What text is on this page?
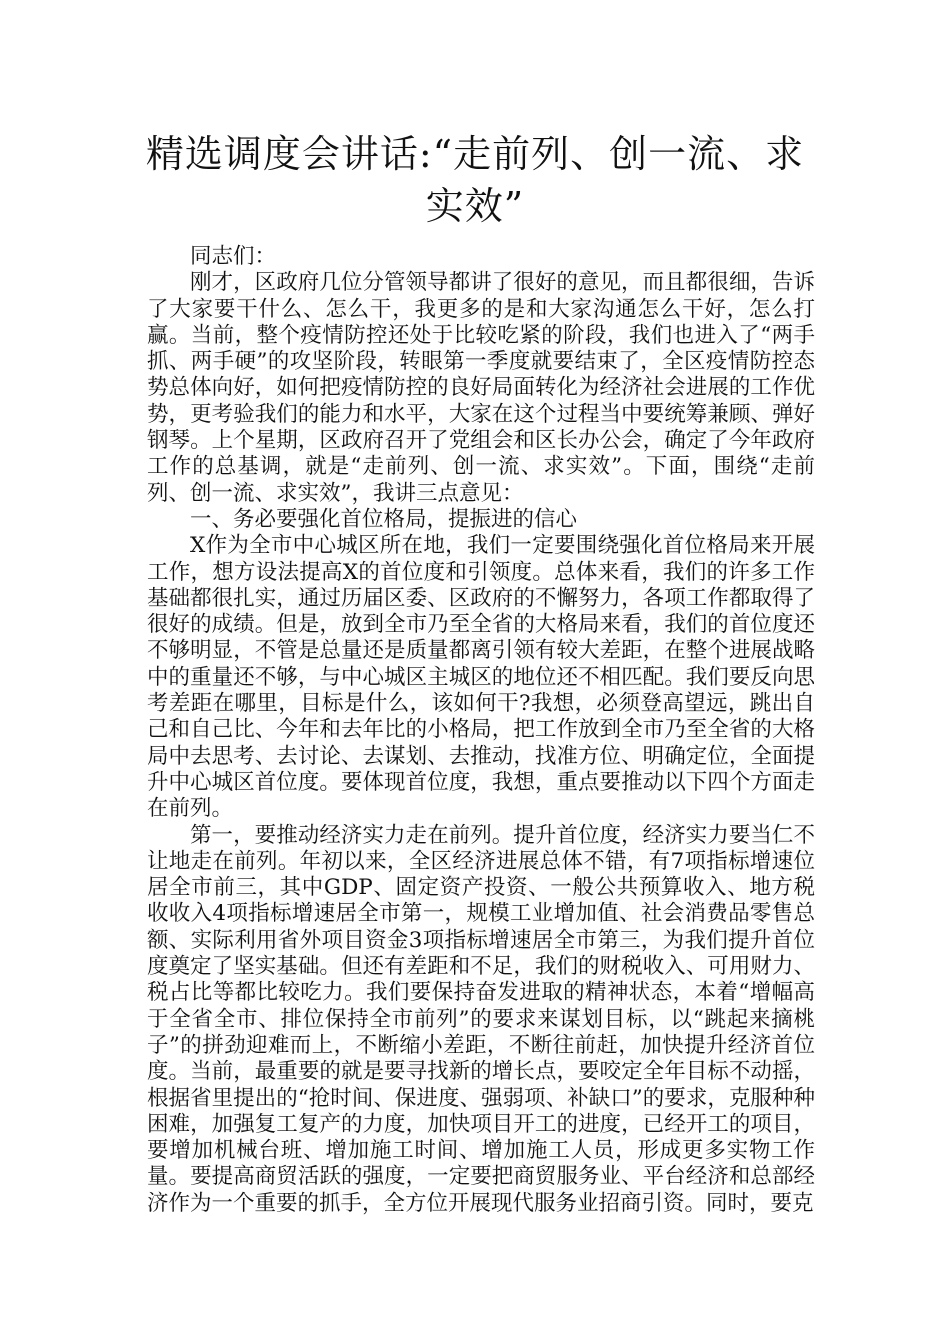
精选调度会讲话:“走前列、创一流、求实效”

同志们：

刚才，区政府几位分管领导都讲了很好的意见，而且都很细，告诉了大家要干什么、怎么干，我更多的是和大家沟通怎么干好，怎么打赢。当前，整个疫情防控还处于比较吃紧的阶段，我们也进入了“两手抓、两手硬”的攻坚阶段，转眼第一季度就要结束了，全区疫情防控态势总体向好，如何把疫情防控的良好局面转化为经济社会进展的工作优势，更考验我们的能力和水平，大家在这个过程当中要统筹兼顾、弹好钢琴。上个星期，区政府召开了党组会和区长办公会，确定了今年政府工作的总基调，就是“走前列、创一流、求实效”。下面，围绕“走前列、创一流、求实效”，我讲三点意见：

一、务必要强化首位格局，提振进的信心

X作为全市中心城区所在地，我们一定要围绕强化首位格局来开展工作，想方设法提高X的首位度和引领度。总体来看，我们的许多工作基础都很扎实，通过历届区委、区政府的不懈努力，各项工作都取得了很好的成绩。但是，放到全市乃至全省的大格局来看，我们的首位度还不够明显，不管是总量还是质量都离引领有较大差距，在整个进展战略中的重量还不够，与中心城区主城区的地位还不相匹配。我们要反向思考差距在哪里，目标是什么，该如何干?我想，必须登高望远，跳出自己和自己比、今年和去年比的小格局，把工作放到全市乃至全省的大格局中去思考、去讨论、去谋划、去推动，找准方位、明确定位，全面提升中心城区首位度。要体现首位度，我想，重点要推动以下四个方面走在前列。

第一，要推动经济实力走在前列。提升首位度，经济实力要当仁不让地走在前列。年初以来，全区经济进展总体不错，有7项指标增速位居全市前三，其中GDP、固定资产投资、一般公共预算收入、地方税收收入4项指标增速居全市第一，规模工业增加值、社会消费品零售总额、实际利用省外项目资金3项指标增速居全市第三，为我们提升首位度奠定了坚实基础。但还有差距和不足，我们的财税收入、可用财力、税占比等都比较吃力。我们要保持奋发进取的精神状态，本着“增幅高于全省全市、排位保持全市前列”的要求来谋划目标，以“跳起来摘桃子”的拼劲迎难而上，不断缩小差距，不断往前赶，加快提升经济首位度。当前，最重要的就是要寻找新的增长点，要咬定全年目标不动摇，根据省里提出的“抢时间、保进度、强弱项、补缺口”的要求，克服种种困难，加强复工复产的力度，加快项目开工的进度，已经开工的项目，要增加机械台班、增加施工时间、增加施工人员，形成更多实物工作量。要提高商贸活跃的强度，一定要把商贸服务业、平台经济和总部经济作为一个重要的抓手，全方位开展现代服务业招商引资。同时，要克
